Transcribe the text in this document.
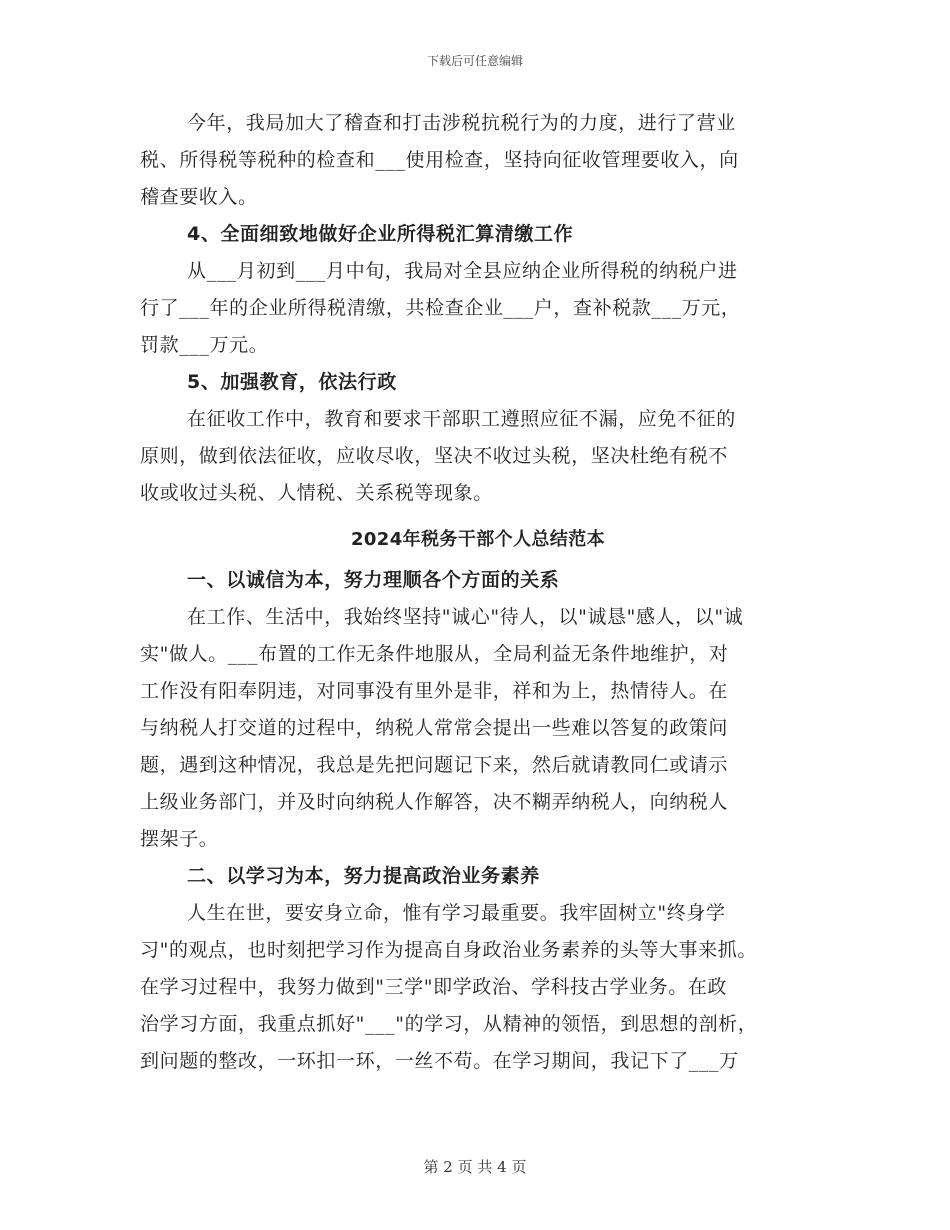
下载后可任意编辑
今年，我局加大了稽查和打击涉税抗税行为的力度，进行了营业
税、所得税等税种的检查和___使用检查，坚持向征收管理要收入，向
稽查要收入。
4、全面细致地做好企业所得税汇算清缴工作
从___月初到___月中旬，我局对全县应纳企业所得税的纳税户进
行了___年的企业所得税清缴，共检查企业___户，查补税款___万元，
罚款___万元。
5、加强教育，依法行政
在征收工作中，教育和要求干部职工遵照应征不漏，应免不征的
原则，做到依法征收，应收尽收，坚决不收过头税，坚决杜绝有税不
收或收过头税、人情税、关系税等现象。
2024年税务干部个人总结范本
一、以诚信为本，努力理顺各个方面的关系
在工作、生活中，我始终坚持"诚心"待人，以"诚恳"感人，以"诚
实"做人。___布置的工作无条件地服从，全局利益无条件地维护，对
工作没有阳奉阴违，对同事没有里外是非，祥和为上，热情待人。在
与纳税人打交道的过程中，纳税人常常会提出一些难以答复的政策问
题，遇到这种情况，我总是先把问题记下来，然后就请教同仁或请示
上级业务部门，并及时向纳税人作解答，决不糊弄纳税人，向纳税人
摆架子。
二、以学习为本，努力提高政治业务素养
人生在世，要安身立命，惟有学习最重要。我牢固树立"终身学
习"的观点，也时刻把学习作为提高自身政治业务素养的头等大事来抓。
在学习过程中，我努力做到"三学"即学政治、学科技古学业务。在政
治学习方面，我重点抓好"___"的学习，从精神的领悟，到思想的剖析，
到问题的整改，一环扣一环，一丝不苟。在学习期间，我记下了___万
第 2 页 共 4 页
